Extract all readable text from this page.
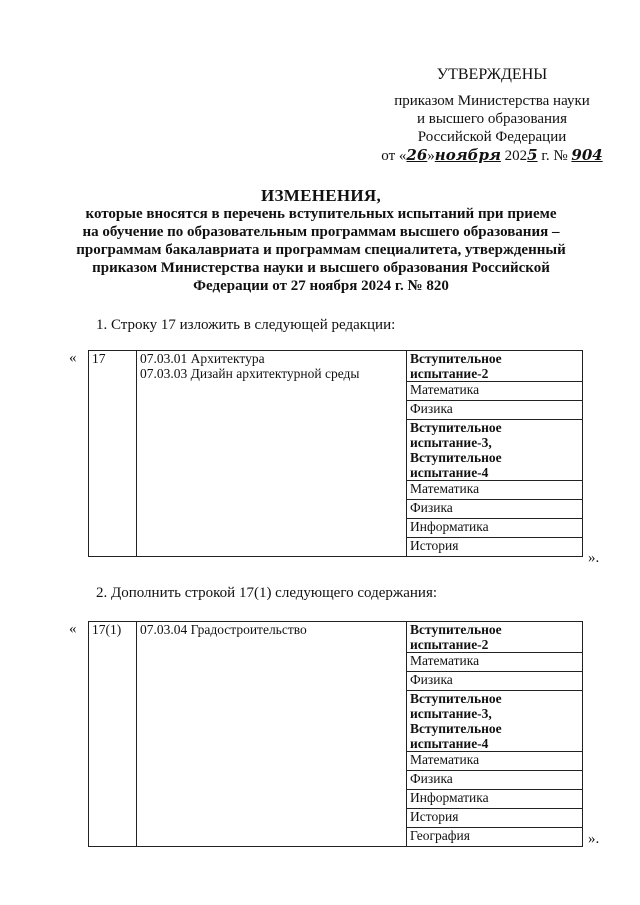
УТВЕРЖДЕНЫ
приказом Министерства науки
и высшего образования
Российской Федерации
от «26»ноября 2025 г. № 904
ИЗМЕНЕНИЯ,
которые вносятся в перечень вступительных испытаний при приеме
на обучение по образовательным программам высшего образования –
программам бакалавриата и программам специалитета, утвержденный
приказом Министерства науки и высшего образования Российской
Федерации от 27 ноября 2024 г. № 820
1. Строку 17 изложить в следующей редакции:
« 17	07.03.01 Архитектура
07.03.03 Дизайн архитектурной среды
	Вступительное испытание-2
Математика
Физика
Вступительное испытание-3, Вступительное испытание-4
Математика
Физика
Информатика
История
».
2. Дополнить строкой 17(1) следующего содержания:
« 17(1)	07.03.04 Градостроительство	Вступительное испытание-2
Математика
Физика
Вступительное испытание-3, Вступительное испытание-4
Математика
Физика
Информатика
История
География	».
